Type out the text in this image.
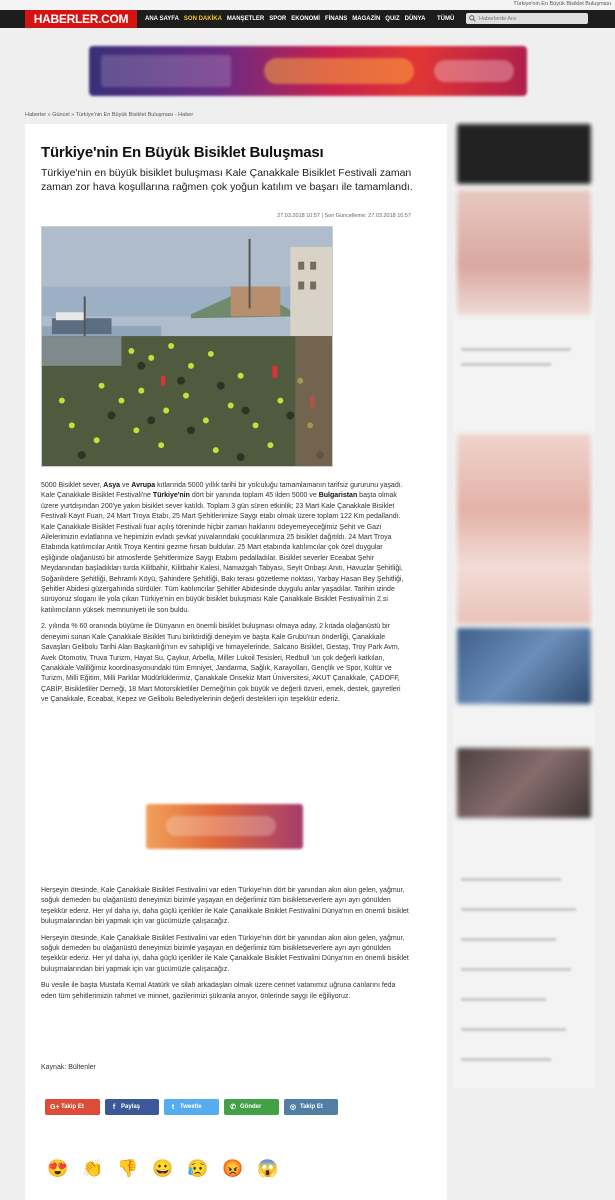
Türkiye'nin En Büyük Bisiklet Buluşması
HABERLER.COM	ANA SAYFA SON DAKİKA MANŞETLER SPOR EKONOMİ FİNANS MAGAZİN QUIZ DÜNYA TÜMÜ
Haberlerde Ara
Haberler » Güncel » Türkiye'nin En Büyük Bisiklet Buluşması - Haber
Türkiye'nin En Büyük Bisiklet Buluşması
Türkiye'nin en büyük bisiklet buluşması Kale Çanakkale Bisiklet Festivali zaman zaman zor hava koşullarına rağmen çok yoğun katılım ve başarı ile tamamlandı.
27.03.2018 10:57 | Son Güncelleme: 27.03.2018 10:57

5000 Bisiklet sever, Asya ve Avrupa kıtlarında 5000 yıllık tarihi bir yolculuğu tamamlamanın tarifsiz gururunu yaşadı. Kale Çanakkale Bisiklet Festivali'ne Türkiye'nin dört bir yanında toplam 45 ilden 5000 ve Bulgaristan başta olmak üzere yurtdışından 200'ye yakın bisiklet sever katıldı. Toplam 3 gün süren etkinlik; 23 Mart Kale Çanakkale Bisiklet Festivali Kayıt Fuarı, 24 Mart Troya Etabı, 25 Mart Şehitlerimize Saygı etabı olmak üzere toplam 122 Km pedallandı. Kale Çanakkale Bisiklet Festivali fuar açılış töreninde hiçbir zaman haklarını ödeyemeyeceğimiz Şehit ve Gazi Ailelerimizin evlatlarına ve hepimizin evladı şevkat yuvalarındaki çocuklarımıza 25 bisiklet dağıtıldı. 24 Mart Troya Etabında katılımcılar Antik Troya Kentini gezme fırsatı buldular. 25 Mart etabında katılımcılar çok özel duygular eşliğinde olağanüstü bir atmosferde Şehitlerimize Saygı Etabını pedalladılar. Bisiklet severler Eceabat Şehir Meydanından başladıkları turda Kilitbahir, Kilitbahir Kalesi, Namazgah Tabyası, Seyit Onbaşı Anıtı, Havuzlar Şehitliği, Soğanlıdere Şehitliği, Behramlı Köyü, Şahindere Şehitliği, Bakı terası gözetleme noktası, Yarbay Hasan Bey Şehitliği, Şehitler Abidesi güzergahında sürdüler. Tüm katılımcılar Şehitler Abidesinde duygulu anlar yaşadılar. Tarihin izinde sürüyoruz sloganı ile yola çıkan Türkiye'nin en büyük bisiklet buluşması Kale Çanakkale Bisiklet Festivali'nin 2.si katılımcıların yüksek memnuniyeti ile son buldu.

2. yılında % 60 oranında büyüme ile Dünyanın en önemli bisiklet buluşması olmaya aday, 2 kıtada olağanüstü bir deneyimi sunan Kale Çanakkale Bisiklet Turu biriktirdiği deneyim ve başta Kale Grubu'nun önderliği, Çanakkale Savaşları Gelibolu Tarihi Alan Başkanlığı'nın ev sahipliği ve himayelerinde, Salcano Bisiklet, Gestaş, Troy Park Avm, Avek Otomotiv, Truva Turizm, Hayat Su, Çaykur, Arbella, Miller Lukoil Tesisleri, Redbull 'un çok değerli katkıları, Çanakkale Valiliğimiz koordinasyonundaki tüm Emniyet, Jandarma, Sağlık, Karayolları, Gençlik ve Spor, Kültür ve Turizm, Milli Eğitim, Milli Parklar Müdürlüklerimiz, Çanakkale Onsekiz Mart Üniversitesi, AKUT Çanakkale, ÇADOFF, ÇABİP, Bisikletliler Derneği, 18 Mart Motorsikletliler Derneği'nin çok büyük ve değerli özveri, emek, destek, gayretleri ve Çanakkale, Eceabat, Kepez ve Gelibolu Belediyelerinin değerli destekleri için teşekkür ederiz.

Herşeyin ötesinde, Kale Çanakkale Bisiklet Festivalini var eden Türkiye'nin dört bir yanından akın akın gelen, yağmur, soğuk demeden bu olağanüstü deneyimizi bizimle yaşayan en değerlimiz tüm bisikletseverlere ayrı ayrı gönülden teşekkür ederiz. Her yıl daha iyi, daha güçlü içerikler ile Kale Çanakkale Bisiklet Festivalini Dünya'nın en önemli bisiklet buluşmalarından biri yapmak için var gücümüzle çalışacağız.

Herşeyin ötesinde, Kale Çanakkale Bisiklet Festivalini var eden Türkiye'nin dört bir yanından akın akın gelen, yağmur, soğuk demeden bu olağanüstü deneyimizi bizimle yaşayan en değerlimiz tüm bisikletseverlere ayrı ayrı gönülden teşekkür ederiz. Her yıl daha iyi, daha güçlü içerikler ile Kale Çanakkale Bisiklet Festivalini Dünya'nın en önemli bisiklet buluşmalarından biri yapmak için var gücümüzle çalışacağız.

Bu vesile ile başta Mustafa Kemal Atatürk ve silah arkadaşları olmak üzere cennet vatanımız uğruna canlarını feda eden tüm şehitlerimizin rahmet ve minnet, gazilerimizi şükranla anıyor, önlerinde saygı ile eğiliyoruz.

Kaynak: Bültenler
G+ Takip Et	f Paylaş	t Tweetle	✆ Gönder	◎ Takip Et
😍 👏 👎 😀 😥 😡 😱
